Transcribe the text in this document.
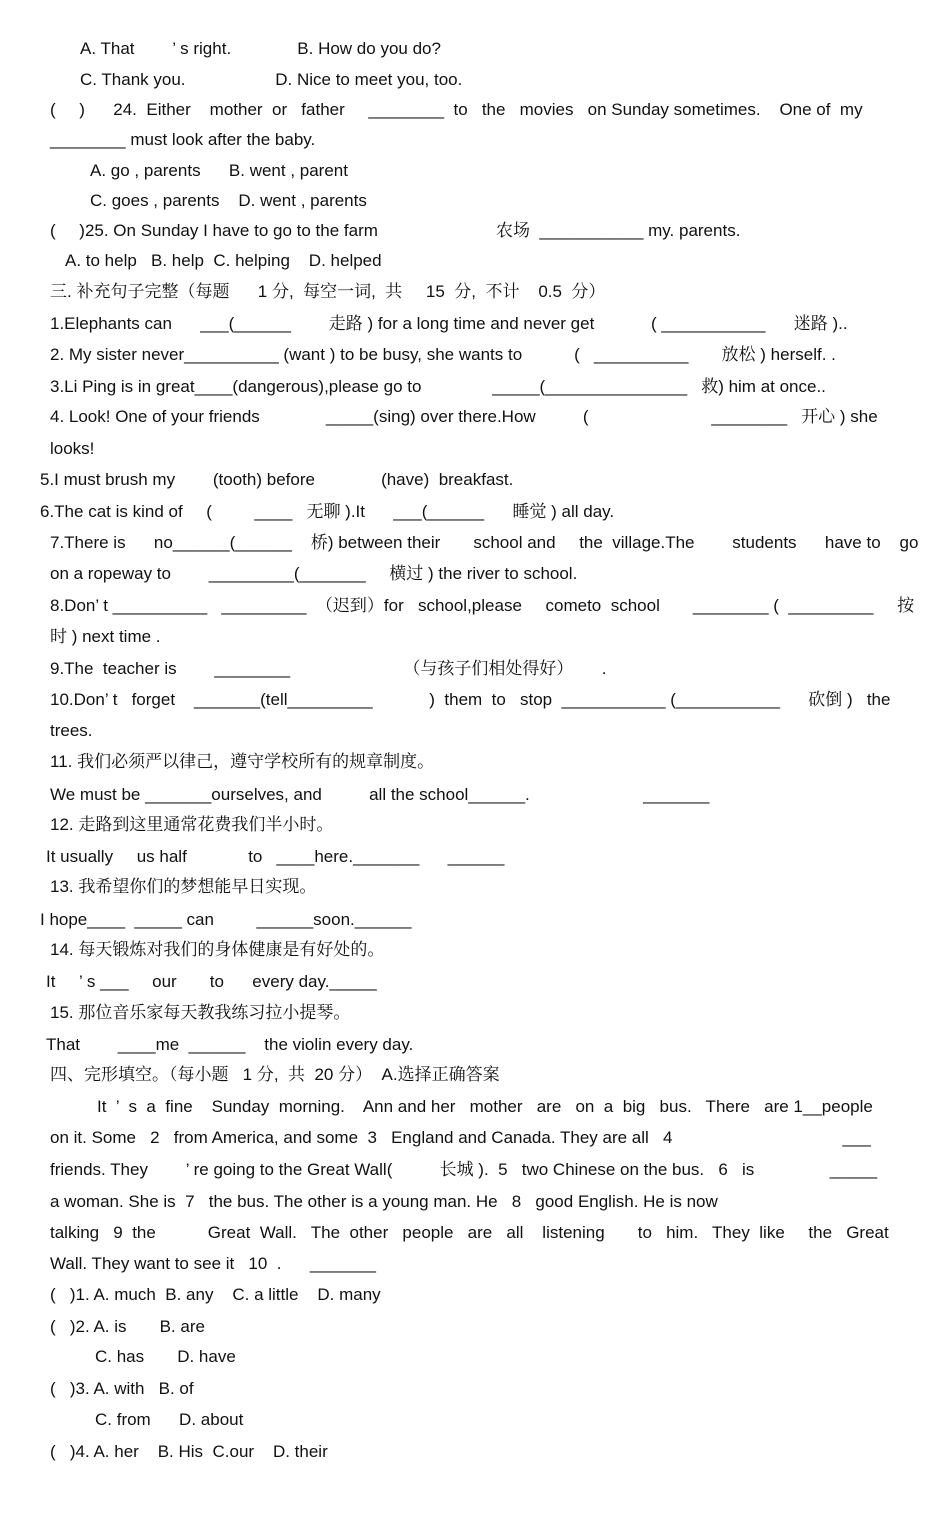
A. That        ’ s right.              B. How do you do?
C. Thank you.                   D. Nice to meet you, too.
(     )      24.  Either    mother  or   father     ________  to   the   movies   on Sunday sometimes.    One of  my
________ must look after the baby.
A. go , parents      B. went , parent
C. goes , parents    D. went , parents
(     )25. On Sunday I have to go to the farm                         农场  ___________ my. parents.
A. to help   B. help  C. helping    D. helped
三. 补充句子完整（每题      1 分,  每空一词,  共     15  分,  不计    0.5  分）
1.Elephants can      ___(______        走路 ) for a long time and never get            ( ___________      迷路 )..
2. My sister never__________ (want ) to be busy, she wants to           (   __________       放松 ) herself. .
3.Li Ping is in great____(dangerous),please go to               _____(_______________   救) him at once..
4. Look! One of your friends              _____(sing) over there.How          (                          ________   开心 ) she
looks!
5.I must brush my        (tooth) before              (have)  breakfast.
6.The cat is kind of     (         ____   无聊 ).It      ___(______      睡觉 ) all day.
7.There is      no______(______    桥) between their       school and     the  village.The        students      have to    go
on a ropeway to        _________(_______     横过 ) the river to school.
8.Don’ t __________   _________  （迟到）for   school,please     cometo  school       ________ (  _________     按
时 ) next time .
9.The  teacher is        ________                        （与孩子们相处得好）      .
10.Don’ t   forget    _______(tell_________            )  them  to   stop  ___________ (___________      砍倒 )   the
trees.
11. 我们必须严以律己，遵守学校所有的规章制度。
We must be _______ourselves, and          all the school______.                        _______
12. 走路到这里通常花费我们半小时。
It usually     us half             to   ____here._______      ______
13. 我希望你们的梦想能早日实现。
I hope____  _____ can         ______soon.______
14. 每天锻炼对我们的身体健康是有好处的。
It     ’ s ___     our       to      every day._____
15. 那位音乐家每天教我练习拉小提琴。
That        ____me  ______    the violin every day.
四、完形填空。（每小题   1 分,  共  20 分）  A.选择正确答案
It  ’  s  a  fine    Sunday  morning.    Ann and her   mother   are   on  a  big   bus.   There   are 1__people
on it. Some   2   from America, and some  3   England and Canada. They are all   4                                    ___
friends. They        ’ re going to the Great Wall(          长城 ).  5   two Chinese on the bus.   6   is                _____
a woman. She is  7   the bus. The other is a young man. He   8   good English. He is now
talking   9  the           Great  Wall.   The  other   people   are   all    listening       to   him.   They  like     the   Great
Wall. They want to see it   10  .      _______
(   )1. A. much  B. any    C. a little    D. many
(   )2. A. is       B. are
C. has       D. have
(   )3. A. with   B. of
C. from      D. about
(   )4. A. her    B. His  C.our    D. their
